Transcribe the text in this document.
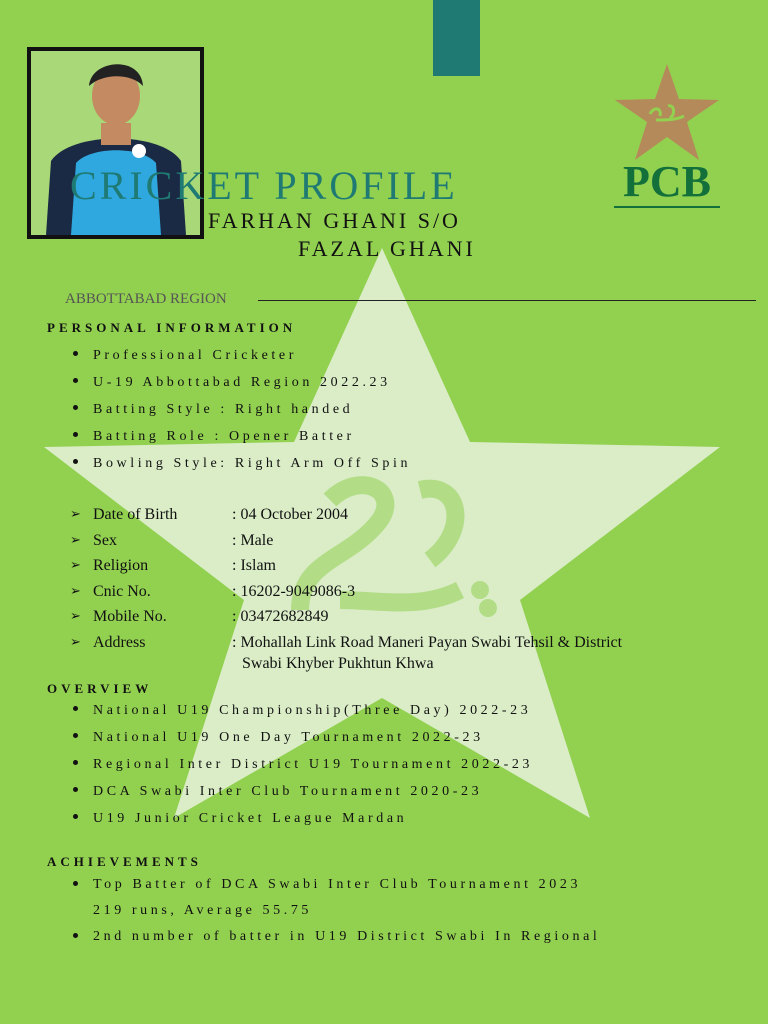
CRICKET PROFILE
FARHAN GHANI S/O
FAZAL GHANI
PCB
ABBOTTABAD REGION
PERSONAL INFORMATION
Professional Cricketer
U-19 Abbottabad Region 2022.23
Batting Style : Right handed
Batting Role : Opener Batter
Bowling Style: Right Arm Off Spin
➢ Date of Birth	: 04 October 2004
➢ Sex	: Male
➢ Religion	: Islam
➢ Cnic No.	: 16202-9049086-3
➢ Mobile No.	: 03472682849
➢ Address	: Mohallah Link Road Maneri Payan Swabi Tehsil & District
Swabi Khyber Pukhtun Khwa
OVERVIEW
National U19 Championship(Three Day) 2022-23
National U19 One Day Tournament 2022-23
Regional Inter District U19 Tournament 2022-23
DCA Swabi Inter Club Tournament 2020-23
U19 Junior Cricket League Mardan
ACHIEVEMENTS
Top Batter of DCA Swabi Inter Club Tournament 2023
219 runs, Average 55.75
2nd number of batter in U19 District Swabi In Regional
